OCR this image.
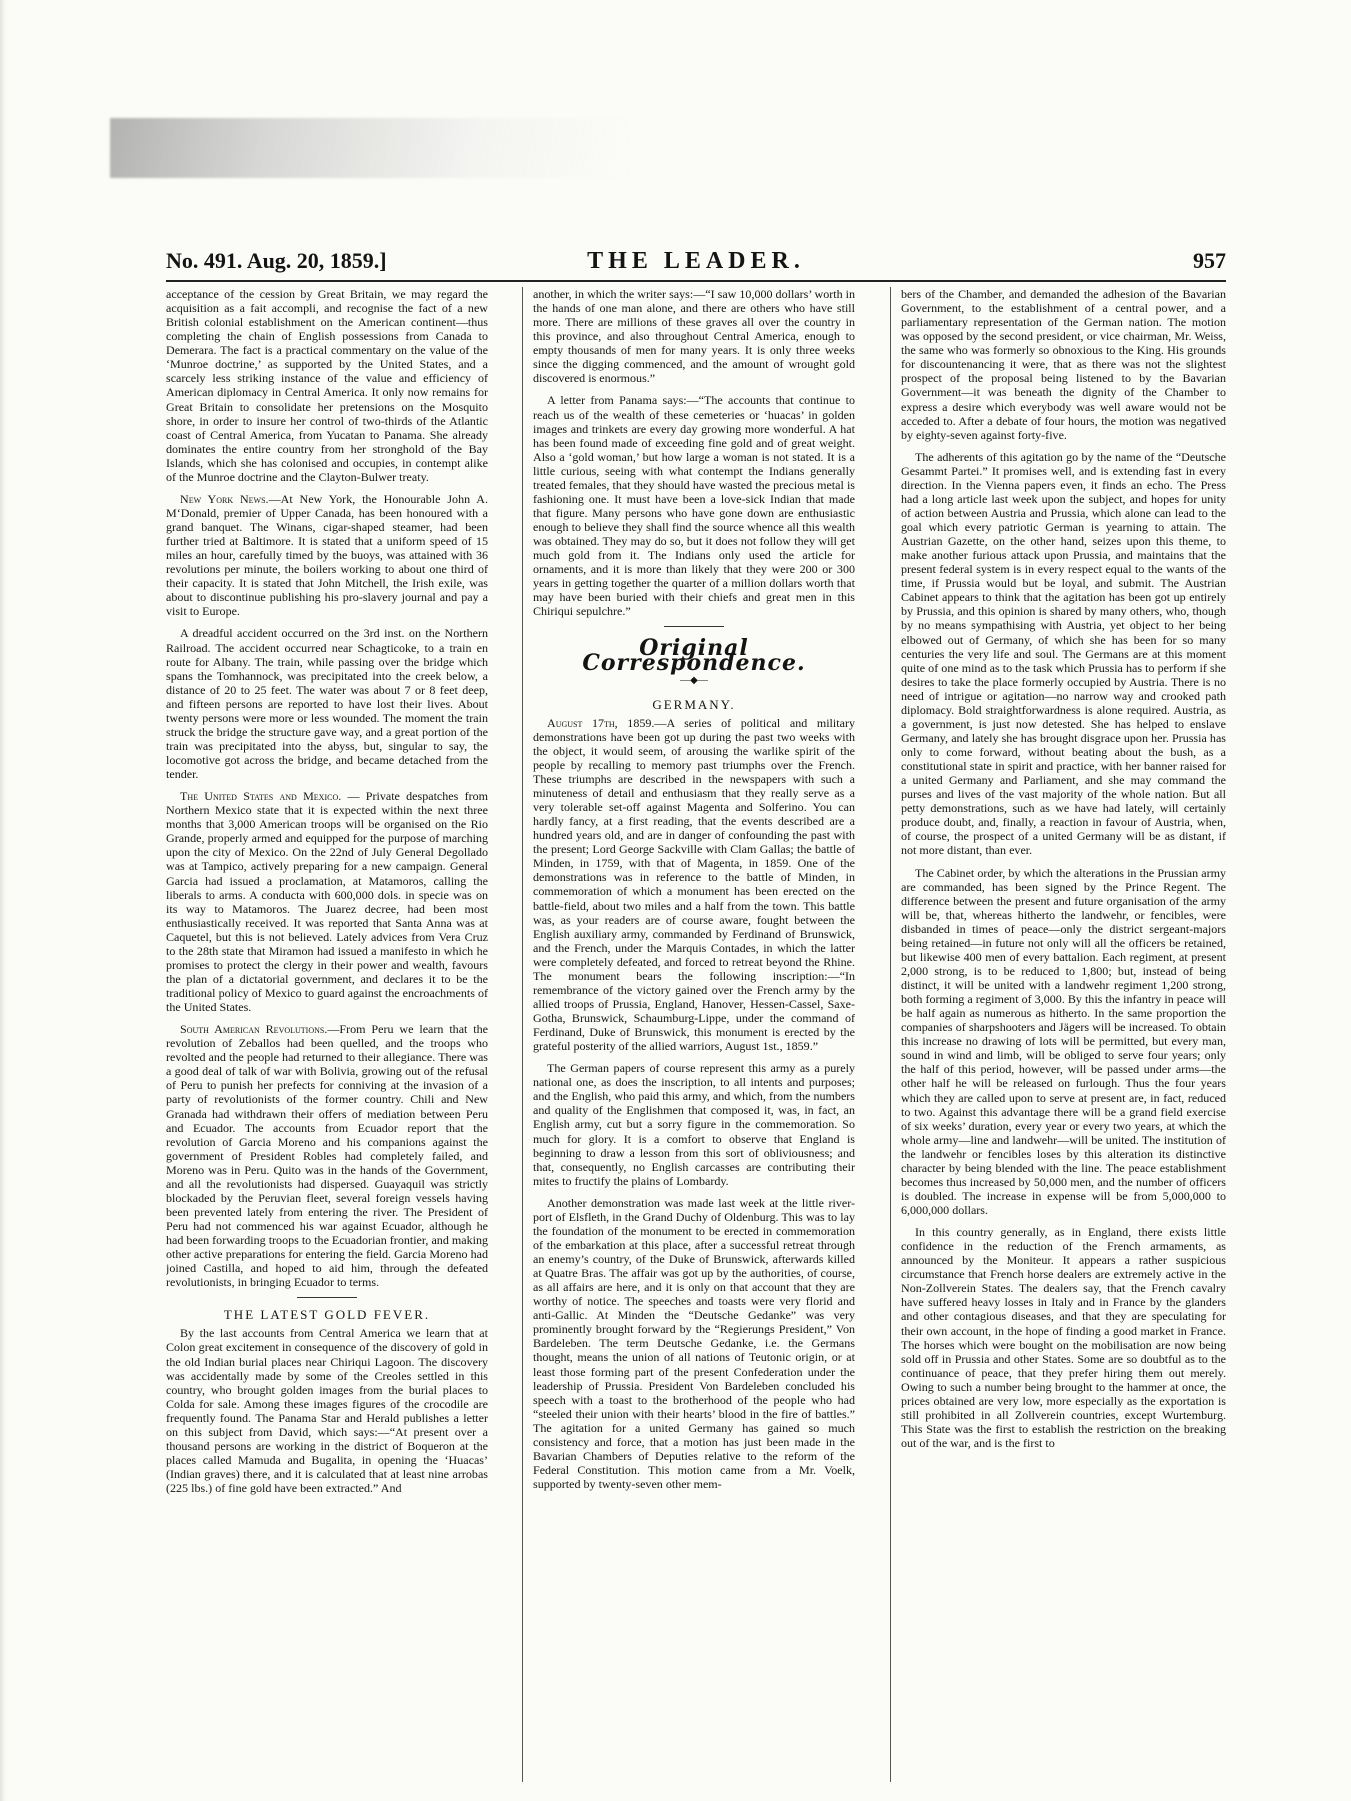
No. 491. Aug. 20, 1859.]	THE LEADER.	957

acceptance of the cession by Great Britain, we may regard the acquisition as a fait accompli, and recognise the fact of a new British colonial establishment on the American continent—thus completing the chain of English possessions from Canada to Demerara. The fact is a practical commentary on the value of the ‘Munroe doctrine,’ as supported by the United States, and a scarcely less striking instance of the value and efficiency of American diplomacy in Central America. It only now remains for Great Britain to consolidate her pretensions on the Mosquito shore, in order to insure her control of two-thirds of the Atlantic coast of Central America, from Yucatan to Panama. She already dominates the entire country from her stronghold of the Bay Islands, which she has colonised and occupies, in contempt alike of the Munroe doctrine and the Clayton-Bulwer treaty.

New York News.—At New York, the Honourable John A. M‘Donald, premier of Upper Canada, has been honoured with a grand banquet. The Winans, cigar-shaped steamer, had been further tried at Baltimore. It is stated that a uniform speed of 15 miles an hour, carefully timed by the buoys, was attained with 36 revolutions per minute, the boilers working to about one third of their capacity. It is stated that John Mitchell, the Irish exile, was about to discontinue publishing his pro-slavery journal and pay a visit to Europe.

A dreadful accident occurred on the 3rd inst. on the Northern Railroad. The accident occurred near Schagticoke, to a train en route for Albany. The train, while passing over the bridge which spans the Tomhannock, was precipitated into the creek below, a distance of 20 to 25 feet. The water was about 7 or 8 feet deep, and fifteen persons are reported to have lost their lives. About twenty persons were more or less wounded. The moment the train struck the bridge the structure gave way, and a great portion of the train was precipitated into the abyss, but, singular to say, the locomotive got across the bridge, and became detached from the tender.

The United States and Mexico. — Private despatches from Northern Mexico state that it is expected within the next three months that 3,000 American troops will be organised on the Rio Grande, properly armed and equipped for the purpose of marching upon the city of Mexico. On the 22nd of July General Degollado was at Tampico, actively preparing for a new campaign. General Garcia had issued a proclamation, at Matamoros, calling the liberals to arms. A conducta with 600,000 dols. in specie was on its way to Matamoros. The Juarez decree, had been most enthusiastically received. It was reported that Santa Anna was at Caquetel, but this is not believed. Lately advices from Vera Cruz to the 28th state that Miramon had issued a manifesto in which he promises to protect the clergy in their power and wealth, favours the plan of a dictatorial government, and declares it to be the traditional policy of Mexico to guard against the encroachments of the United States.

South American Revolutions.—From Peru we learn that the revolution of Zeballos had been quelled, and the troops who revolted and the people had returned to their allegiance. There was a good deal of talk of war with Bolivia, growing out of the refusal of Peru to punish her prefects for conniving at the invasion of a party of revolutionists of the former country. Chili and New Granada had withdrawn their offers of mediation between Peru and Ecuador. The accounts from Ecuador report that the revolution of Garcia Moreno and his companions against the government of President Robles had completely failed, and Moreno was in Peru. Quito was in the hands of the Government, and all the revolutionists had dispersed. Guayaquil was strictly blockaded by the Peruvian fleet, several foreign vessels having been prevented lately from entering the river. The President of Peru had not commenced his war against Ecuador, although he had been forwarding troops to the Ecuadorian frontier, and making other active preparations for entering the field. Garcia Moreno had joined Castilla, and hoped to aid him, through the defeated revolutionists, in bringing Ecuador to terms.

THE LATEST GOLD FEVER.

By the last accounts from Central America we learn that at Colon great excitement in consequence of the discovery of gold in the old Indian burial places near Chiriqui Lagoon. The discovery was accidentally made by some of the Creoles settled in this country, who brought golden images from the burial places to Colda for sale. Among these images figures of the crocodile are frequently found. The Panama Star and Herald publishes a letter on this subject from David, which says:—“At present over a thousand persons are working in the district of Boqueron at the places called Mamuda and Bugalita, in opening the ‘Huacas’ (Indian graves) there, and it is calculated that at least nine arrobas (225 lbs.) of fine gold have been extracted.” And

another, in which the writer says:—“I saw 10,000 dollars’ worth in the hands of one man alone, and there are others who have still more. There are millions of these graves all over the country in this province, and also throughout Central America, enough to empty thousands of men for many years. It is only three weeks since the digging commenced, and the amount of wrought gold discovered is enormous.”

A letter from Panama says:—“The accounts that continue to reach us of the wealth of these cemeteries or ‘huacas’ in golden images and trinkets are every day growing more wonderful. A hat has been found made of exceeding fine gold and of great weight. Also a ‘gold woman,’ but how large a woman is not stated. It is a little curious, seeing with what contempt the Indians generally treated females, that they should have wasted the precious metal is fashioning one. It must have been a love-sick Indian that made that figure. Many persons who have gone down are enthusiastic enough to believe they shall find the source whence all this wealth was obtained. They may do so, but it does not follow they will get much gold from it. The Indians only used the article for ornaments, and it is more than likely that they were 200 or 300 years in getting together the quarter of a million dollars worth that may have been buried with their chiefs and great men in this Chiriqui sepulchre.”

Original Correspondence.
—◆—
GERMANY.

August 17th, 1859.—A series of political and military demonstrations have been got up during the past two weeks with the object, it would seem, of arousing the warlike spirit of the people by recalling to memory past triumphs over the French. These triumphs are described in the newspapers with such a minuteness of detail and enthusiasm that they really serve as a very tolerable set-off against Magenta and Solferino. You can hardly fancy, at a first reading, that the events described are a hundred years old, and are in danger of confounding the past with the present; Lord George Sackville with Clam Gallas; the battle of Minden, in 1759, with that of Magenta, in 1859. One of the demonstrations was in reference to the battle of Minden, in commemoration of which a monument has been erected on the battle-field, about two miles and a half from the town. This battle was, as your readers are of course aware, fought between the English auxiliary army, commanded by Ferdinand of Brunswick, and the French, under the Marquis Contades, in which the latter were completely defeated, and forced to retreat beyond the Rhine. The monument bears the following inscription:—“In remembrance of the victory gained over the French army by the allied troops of Prussia, England, Hanover, Hessen-Cassel, Saxe-Gotha, Brunswick, Schaumburg-Lippe, under the command of Ferdinand, Duke of Brunswick, this monument is erected by the grateful posterity of the allied warriors, August 1st., 1859.”

The German papers of course represent this army as a purely national one, as does the inscription, to all intents and purposes; and the English, who paid this army, and which, from the numbers and quality of the Englishmen that composed it, was, in fact, an English army, cut but a sorry figure in the commemoration. So much for glory. It is a comfort to observe that England is beginning to draw a lesson from this sort of obliviousness; and that, consequently, no English carcasses are contributing their mites to fructify the plains of Lombardy.

Another demonstration was made last week at the little river-port of Elsfleth, in the Grand Duchy of Oldenburg. This was to lay the foundation of the monument to be erected in commemoration of the embarkation at this place, after a successful retreat through an enemy’s country, of the Duke of Brunswick, afterwards killed at Quatre Bras. The affair was got up by the authorities, of course, as all affairs are here, and it is only on that account that they are worthy of notice. The speeches and toasts were very florid and anti-Gallic. At Minden the “Deutsche Gedanke” was very prominently brought forward by the “Regierungs President,” Von Bardeleben. The term Deutsche Gedanke, i.e. the Germans thought, means the union of all nations of Teutonic origin, or at least those forming part of the present Confederation under the leadership of Prussia. President Von Bardeleben concluded his speech with a toast to the brotherhood of the people who had “steeled their union with their hearts’ blood in the fire of battles.” The agitation for a united Germany has gained so much consistency and force, that a motion has just been made in the Bavarian Chambers of Deputies relative to the reform of the Federal Constitution. This motion came from a Mr. Voelk, supported by twenty-seven other mem-

bers of the Chamber, and demanded the adhesion of the Bavarian Government, to the establishment of a central power, and a parliamentary representation of the German nation. The motion was opposed by the second president, or vice chairman, Mr. Weiss, the same who was formerly so obnoxious to the King. His grounds for discountenancing it were, that as there was not the slightest prospect of the proposal being listened to by the Bavarian Government—it was beneath the dignity of the Chamber to express a desire which everybody was well aware would not be acceded to. After a debate of four hours, the motion was negatived by eighty-seven against forty-five.

The adherents of this agitation go by the name of the “Deutsche Gesammt Partei.” It promises well, and is extending fast in every direction. In the Vienna papers even, it finds an echo. The Press had a long article last week upon the subject, and hopes for unity of action between Austria and Prussia, which alone can lead to the goal which every patriotic German is yearning to attain. The Austrian Gazette, on the other hand, seizes upon this theme, to make another furious attack upon Prussia, and maintains that the present federal system is in every respect equal to the wants of the time, if Prussia would but be loyal, and submit. The Austrian Cabinet appears to think that the agitation has been got up entirely by Prussia, and this opinion is shared by many others, who, though by no means sympathising with Austria, yet object to her being elbowed out of Germany, of which she has been for so many centuries the very life and soul. The Germans are at this moment quite of one mind as to the task which Prussia has to perform if she desires to take the place formerly occupied by Austria. There is no need of intrigue or agitation—no narrow way and crooked path diplomacy. Bold straightforwardness is alone required. Austria, as a government, is just now detested. She has helped to enslave Germany, and lately she has brought disgrace upon her. Prussia has only to come forward, without beating about the bush, as a constitutional state in spirit and practice, with her banner raised for a united Germany and Parliament, and she may command the purses and lives of the vast majority of the whole nation. But all petty demonstrations, such as we have had lately, will certainly produce doubt, and, finally, a reaction in favour of Austria, when, of course, the prospect of a united Germany will be as distant, if not more distant, than ever.

The Cabinet order, by which the alterations in the Prussian army are commanded, has been signed by the Prince Regent. The difference between the present and future organisation of the army will be, that, whereas hitherto the landwehr, or fencibles, were disbanded in times of peace—only the district sergeant-majors being retained—in future not only will all the officers be retained, but likewise 400 men of every battalion. Each regiment, at present 2,000 strong, is to be reduced to 1,800; but, instead of being distinct, it will be united with a landwehr regiment 1,200 strong, both forming a regiment of 3,000. By this the infantry in peace will be half again as numerous as hitherto. In the same proportion the companies of sharpshooters and Jägers will be increased. To obtain this increase no drawing of lots will be permitted, but every man, sound in wind and limb, will be obliged to serve four years; only the half of this period, however, will be passed under arms—the other half he will be released on furlough. Thus the four years which they are called upon to serve at present are, in fact, reduced to two. Against this advantage there will be a grand field exercise of six weeks’ duration, every year or every two years, at which the whole army—line and landwehr—will be united. The institution of the landwehr or fencibles loses by this alteration its distinctive character by being blended with the line. The peace establishment becomes thus increased by 50,000 men, and the number of officers is doubled. The increase in expense will be from 5,000,000 to 6,000,000 dollars.

In this country generally, as in England, there exists little confidence in the reduction of the French armaments, as announced by the Moniteur. It appears a rather suspicious circumstance that French horse dealers are extremely active in the Non-Zollverein States. The dealers say, that the French cavalry have suffered heavy losses in Italy and in France by the glanders and other contagious diseases, and that they are speculating for their own account, in the hope of finding a good market in France. The horses which were bought on the mobilisation are now being sold off in Prussia and other States. Some are so doubtful as to the continuance of peace, that they prefer hiring them out merely. Owing to such a number being brought to the hammer at once, the prices obtained are very low, more especially as the exportation is still prohibited in all Zollverein countries, except Wurtemburg. This State was the first to establish the restriction on the breaking out of the war, and is the first to
